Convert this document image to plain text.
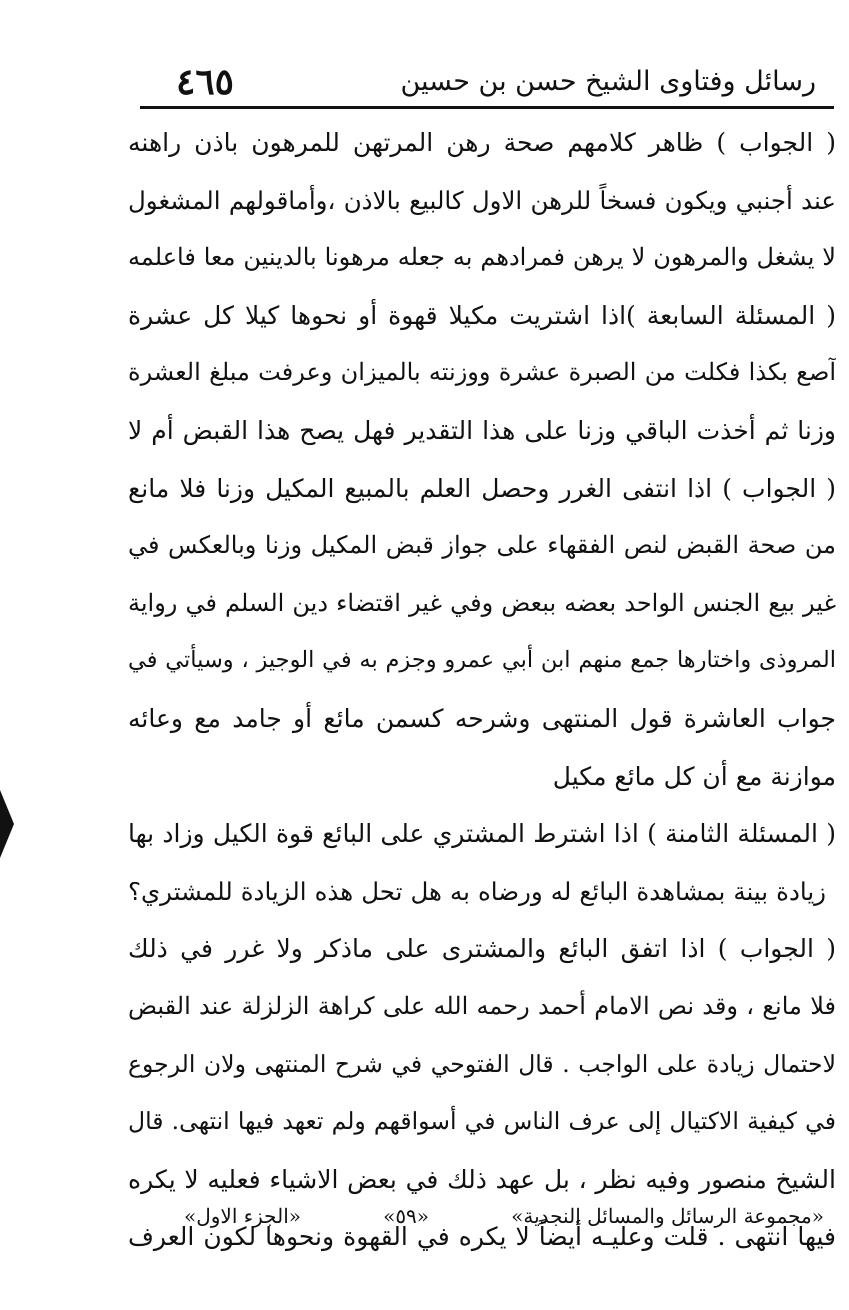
٤٦٥	رسائل وفتاوى الشيخ حسن بن حسين
( الجواب ) ظاهر كلامهم صحة رهن المرتهن للمرهون باذن راهنه
عند أجنبي ويكون فسخاً للرهن الاول كالبيع بالاذن ،وأماقولهم المشغول
لا يشغل والمرهون لا يرهن فمرادهم به جعله مرهونا بالدينين معا فاعلمه
( المسئلة السابعة )اذا اشتريت مكيلا قهوة أو نحوها كيلا كل عشرة
آصع بكذا فكلت من الصبرة عشرة ووزنته بالميزان وعرفت مبلغ العشرة
وزنا ثم أخذت الباقي وزنا على هذا التقدير فهل يصح هذا القبض أم لا
( الجواب ) اذا انتفى الغرر وحصل العلم بالمبيع المكيل وزنا فلا مانع
من صحة القبض لنص الفقهاء على جواز قبض المكيل وزنا وبالعكس في
غير بيع الجنس الواحد بعضه ببعض وفي غير اقتضاء دين السلم في رواية
المروذى واختارها جمع منهم ابن أبي عمرو وجزم به في الوجيز ، وسيأتي في
جواب العاشرة قول المنتهى وشرحه كسمن مائع أو جامد مع وعائه
موازنة مع أن كل مائع مكيل
( المسئلة الثامنة ) اذا اشترط المشتري على البائع قوة الكيل وزاد بها
زيادة بينة بمشاهدة البائع له ورضاه به هل تحل هذه الزيادة للمشتري؟
( الجواب ) اذا اتفق البائع والمشترى على ماذكر ولا غرر في ذلك
فلا مانع ، وقد نص الامام أحمد رحمه الله على كراهة الزلزلة عند القبض
لاحتمال زيادة على الواجب . قال الفتوحي في شرح المنتهى ولان الرجوع
في كيفية الاكتيال إلى عرف الناس في أسواقهم ولم تعهد فيها انتهى. قال
الشيخ منصور وفيه نظر ، بل عهد ذلك في بعض الاشياء فعليه لا يكره
فيها انتهى . قلت وعليـه أيضاً لا يكره في القهوة ونحوها لكون العرف
«الجزء الاول»	«٥٩»	«مجموعة الرسائل والمسائل النجدية»
